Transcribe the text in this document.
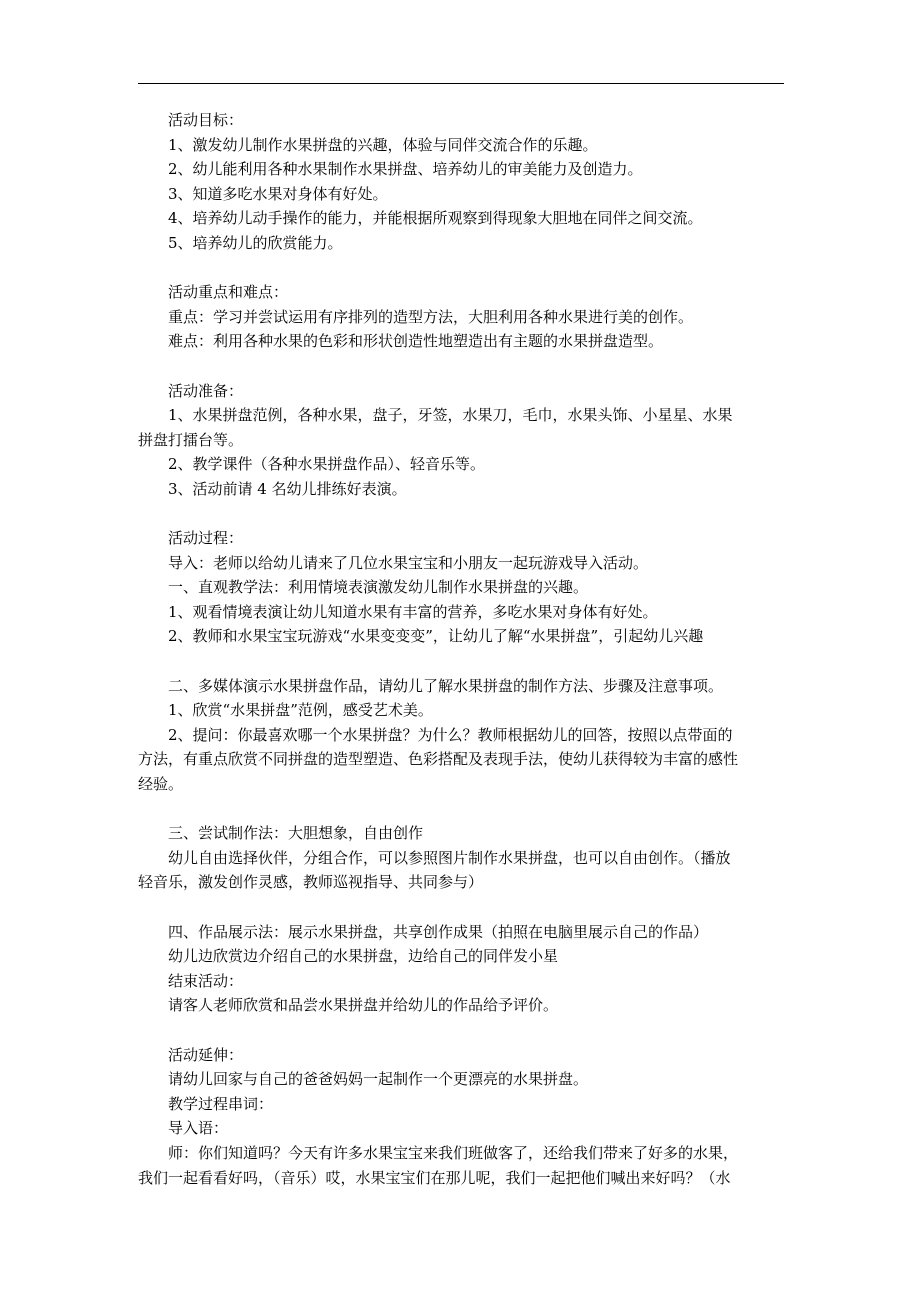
活动目标：
1、激发幼儿制作水果拼盘的兴趣，体验与同伴交流合作的乐趣。
2、幼儿能利用各种水果制作水果拼盘、培养幼儿的审美能力及创造力。
3、知道多吃水果对身体有好处。
4、培养幼儿动手操作的能力，并能根据所观察到得现象大胆地在同伴之间交流。
5、培养幼儿的欣赏能力。
活动重点和难点：
重点：学习并尝试运用有序排列的造型方法，大胆利用各种水果进行美的创作。
难点：利用各种水果的色彩和形状创造性地塑造出有主题的水果拼盘造型。
活动准备：
1、水果拼盘范例，各种水果，盘子，牙签，水果刀，毛巾，水果头饰、小星星、水果
拼盘打擂台等。
2、教学课件（各种水果拼盘作品）、轻音乐等。
3、活动前请 4 名幼儿排练好表演。
活动过程：
导入：老师以给幼儿请来了几位水果宝宝和小朋友一起玩游戏导入活动。
一、直观教学法：利用情境表演激发幼儿制作水果拼盘的兴趣。
1、观看情境表演让幼儿知道水果有丰富的营养，多吃水果对身体有好处。
2、教师和水果宝宝玩游戏“水果变变变”，让幼儿了解“水果拼盘”，引起幼儿兴趣
二、多媒体演示水果拼盘作品，请幼儿了解水果拼盘的制作方法、步骤及注意事项。
1、欣赏“水果拼盘”范例，感受艺术美。
2、提问：你最喜欢哪一个水果拼盘？为什么？教师根据幼儿的回答，按照以点带面的
方法，有重点欣赏不同拼盘的造型塑造、色彩搭配及表现手法，使幼儿获得较为丰富的感性
经验。
三、尝试制作法：大胆想象，自由创作
幼儿自由选择伙伴，分组合作，可以参照图片制作水果拼盘，也可以自由创作。（播放
轻音乐，激发创作灵感，教师巡视指导、共同参与）
四、作品展示法：展示水果拼盘，共享创作成果（拍照在电脑里展示自己的作品）
幼儿边欣赏边介绍自己的水果拼盘，边给自己的同伴发小星
结束活动：
请客人老师欣赏和品尝水果拼盘并给幼儿的作品给予评价。
活动延伸：
请幼儿回家与自己的爸爸妈妈一起制作一个更漂亮的水果拼盘。
教学过程串词：
导入语：
师：你们知道吗？今天有许多水果宝宝来我们班做客了，还给我们带来了好多的水果，
我们一起看看好吗，（音乐）哎，水果宝宝们在那儿呢，我们一起把他们喊出来好吗？（水
